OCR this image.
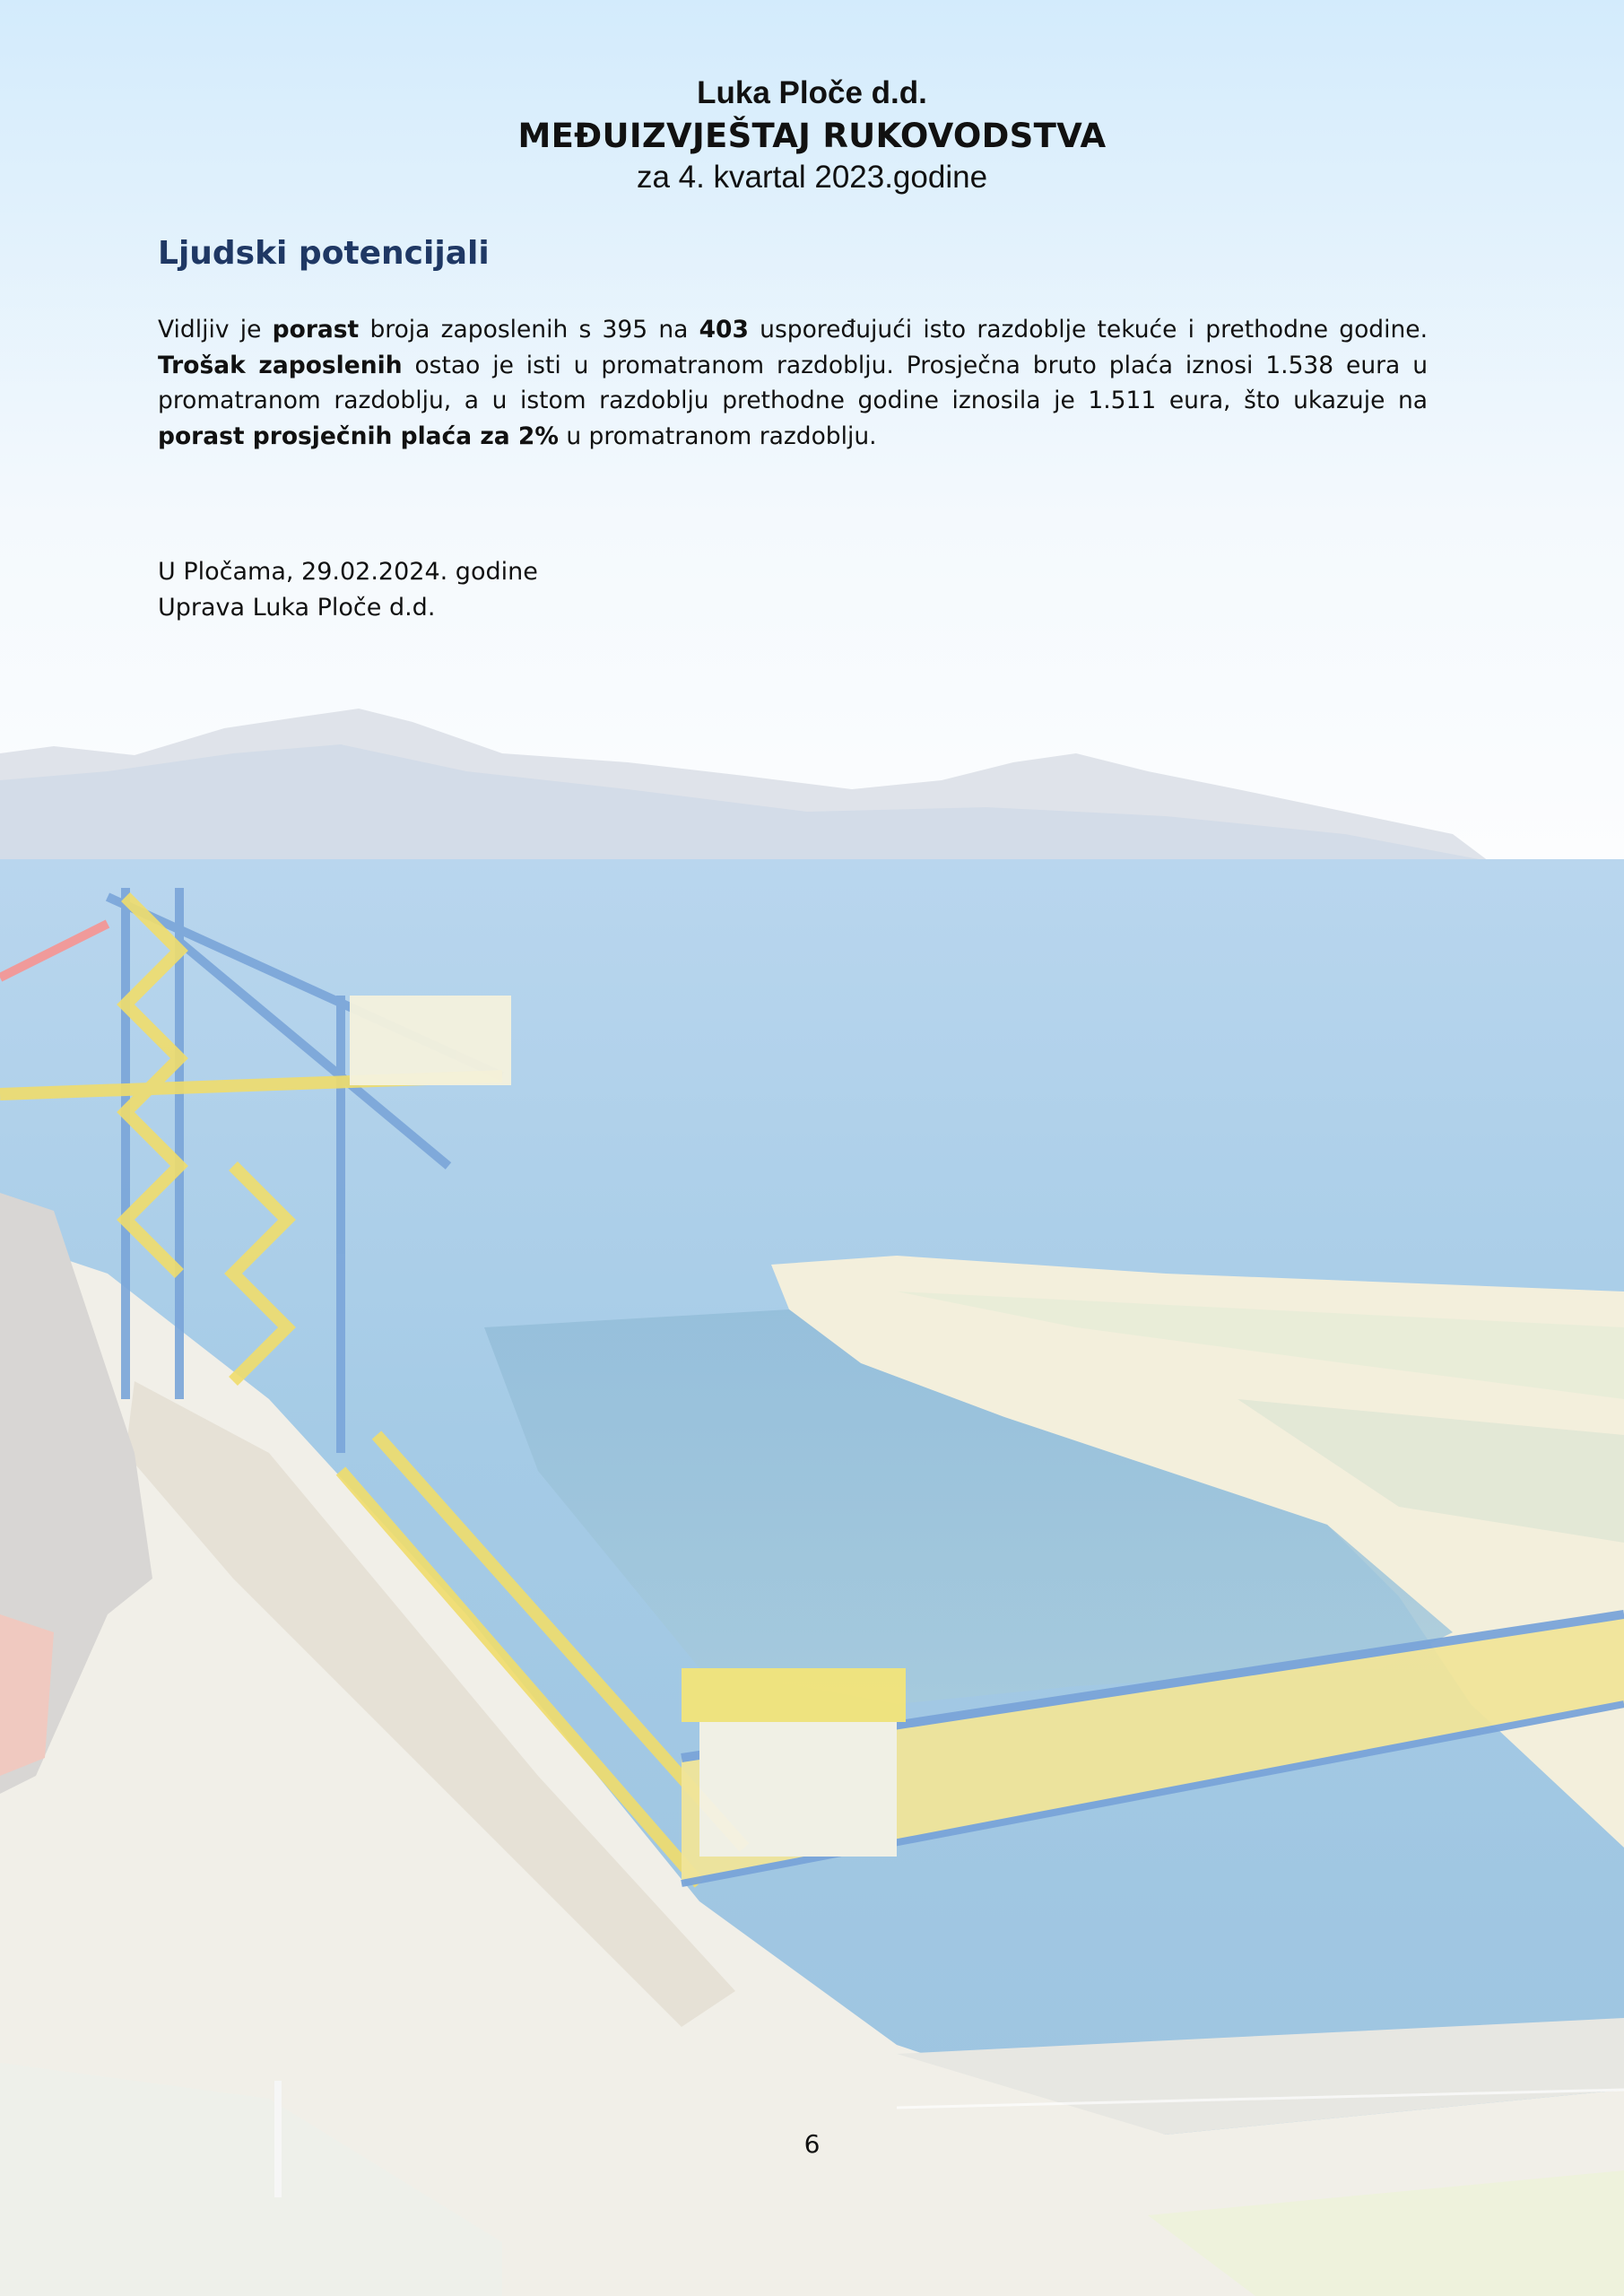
Luka Ploče d.d.
MEĐUIZVJEŠTAJ RUKOVODSTVA
za 4. kvartal 2023.godine
Ljudski potencijali

Vidljiv je porast broja zaposlenih s 395 na 403 uspoređujući isto razdoblje tekuće i prethodne godine. Trošak zaposlenih ostao je isti u promatranom razdoblju. Prosječna bruto plaća iznosi 1.538 eura u promatranom razdoblju, a u istom razdoblju prethodne godine iznosila je 1.511 eura, što ukazuje na porast prosječnih plaća za 2% u promatranom razdoblju.

U Pločama, 29.02.2024. godine
Uprava Luka Ploče d.d.
6
